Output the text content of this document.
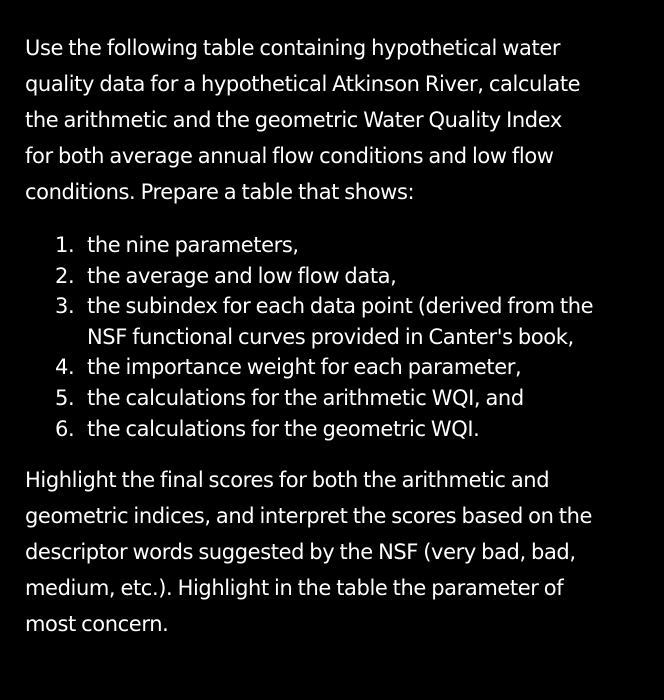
Use the following table containing hypothetical water
quality data for a hypothetical Atkinson River, calculate
the arithmetic and the geometric Water Quality Index
for both average annual flow conditions and low flow
conditions. Prepare a table that shows:

1. the nine parameters,
2. the average and low flow data,
3. the subindex for each data point (derived from the
NSF functional curves provided in Canter's book,
4. the importance weight for each parameter,
5. the calculations for the arithmetic WQI, and
6. the calculations for the geometric WQI.

Highlight the final scores for both the arithmetic and
geometric indices, and interpret the scores based on the
descriptor words suggested by the NSF (very bad, bad,
medium, etc.). Highlight in the table the parameter of
most concern.
